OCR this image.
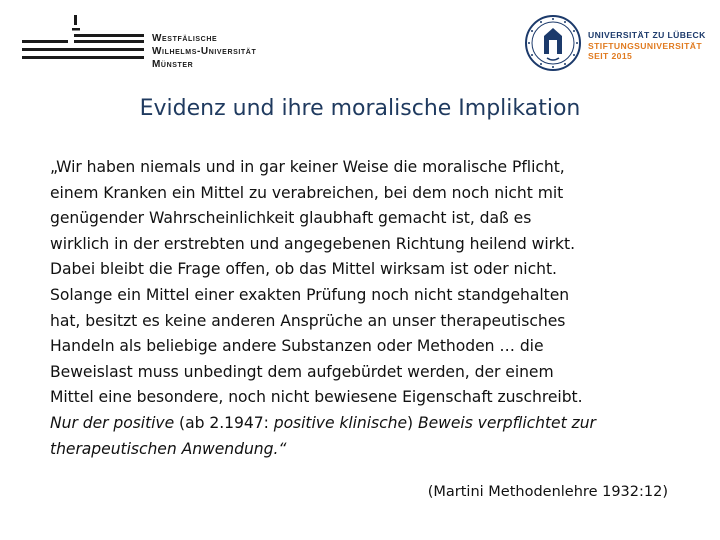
Westfälische
Wilhelms-Universität
Münster
UNIVERSITÄT ZU LÜBECK
STIFTUNGSUNIVERSITÄT
SEIT 2015
Evidenz und ihre moralische Implikation
„Wir haben niemals und in gar keiner Weise die moralische Pflicht,
einem Kranken ein Mittel zu verabreichen, bei dem noch nicht mit
genügender Wahrscheinlichkeit glaubhaft gemacht ist, daß es
wirklich in der erstrebten und angegebenen Richtung heilend wirkt.
Dabei bleibt die Frage offen, ob das Mittel wirksam ist oder nicht.
Solange ein Mittel einer exakten Prüfung noch nicht standgehalten
hat, besitzt es keine anderen Ansprüche an unser therapeutisches
Handeln als beliebige andere Substanzen oder Methoden … die
Beweislast muss unbedingt dem aufgebürdet werden, der einem
Mittel eine besondere, noch nicht bewiesene Eigenschaft zuschreibt.
Nur der positive (ab 2.1947: positive klinische) Beweis verpflichtet zur
therapeutischen Anwendung.“
(Martini Methodenlehre 1932:12)
